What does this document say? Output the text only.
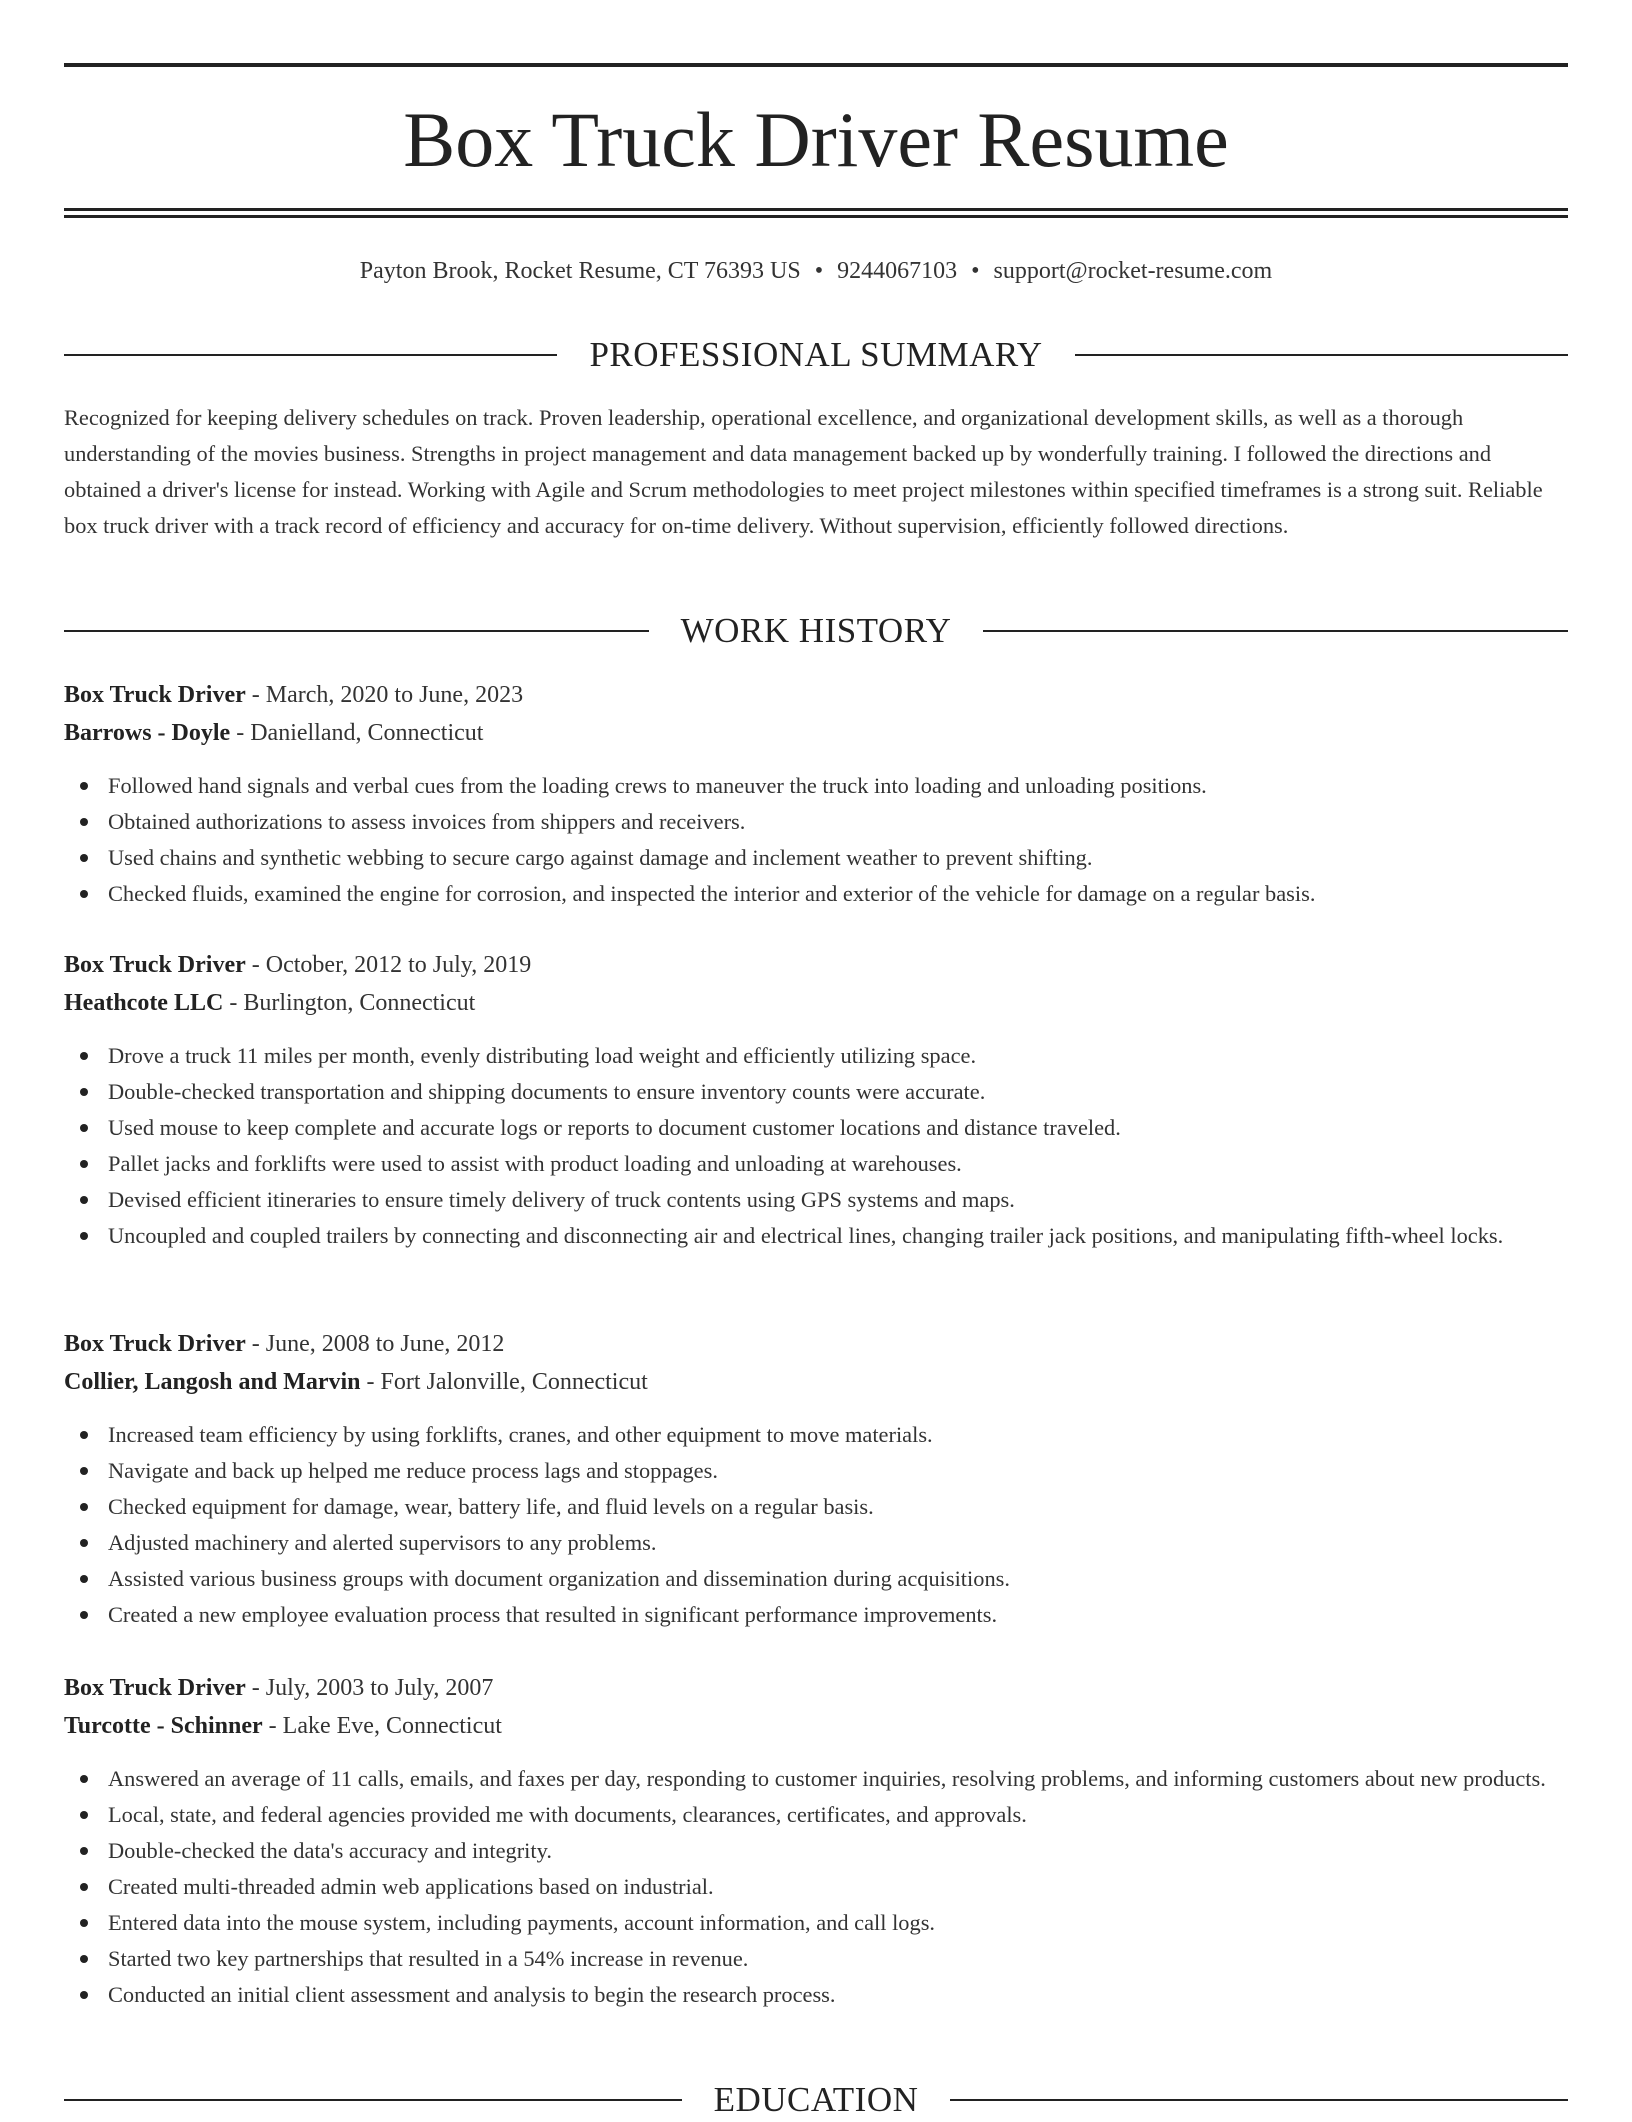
Box Truck Driver Resume
Payton Brook, Rocket Resume, CT 76393 US • 9244067103 • support@rocket-resume.com
PROFESSIONAL SUMMARY

Recognized for keeping delivery schedules on track. Proven leadership, operational excellence, and organizational development skills, as well as a thorough understanding of the movies business. Strengths in project management and data management backed up by wonderfully training. I followed the directions and obtained a driver's license for instead. Working with Agile and Scrum methodologies to meet project milestones within specified timeframes is a strong suit. Reliable box truck driver with a track record of efficiency and accuracy for on-time delivery. Without supervision, efficiently followed directions.

WORK HISTORY
Box Truck Driver - March, 2020 to June, 2023
Barrows - Doyle - Danielland, Connecticut
Followed hand signals and verbal cues from the loading crews to maneuver the truck into loading and unloading positions.
Obtained authorizations to assess invoices from shippers and receivers.
Used chains and synthetic webbing to secure cargo against damage and inclement weather to prevent shifting.
Checked fluids, examined the engine for corrosion, and inspected the interior and exterior of the vehicle for damage on a regular basis.
Box Truck Driver - October, 2012 to July, 2019
Heathcote LLC - Burlington, Connecticut
Drove a truck 11 miles per month, evenly distributing load weight and efficiently utilizing space.
Double-checked transportation and shipping documents to ensure inventory counts were accurate.
Used mouse to keep complete and accurate logs or reports to document customer locations and distance traveled.
Pallet jacks and forklifts were used to assist with product loading and unloading at warehouses.
Devised efficient itineraries to ensure timely delivery of truck contents using GPS systems and maps.
Uncoupled and coupled trailers by connecting and disconnecting air and electrical lines, changing trailer jack positions, and manipulating fifth-wheel locks.
Box Truck Driver - June, 2008 to June, 2012
Collier, Langosh and Marvin - Fort Jalonville, Connecticut
Increased team efficiency by using forklifts, cranes, and other equipment to move materials.
Navigate and back up helped me reduce process lags and stoppages.
Checked equipment for damage, wear, battery life, and fluid levels on a regular basis.
Adjusted machinery and alerted supervisors to any problems.
Assisted various business groups with document organization and dissemination during acquisitions.
Created a new employee evaluation process that resulted in significant performance improvements.
Box Truck Driver - July, 2003 to July, 2007
Turcotte - Schinner - Lake Eve, Connecticut
Answered an average of 11 calls, emails, and faxes per day, responding to customer inquiries, resolving problems, and informing customers about new products.
Local, state, and federal agencies provided me with documents, clearances, certificates, and approvals.
Double-checked the data's accuracy and integrity.
Created multi-threaded admin web applications based on industrial.
Entered data into the mouse system, including payments, account information, and call logs.
Started two key partnerships that resulted in a 54% increase in revenue.
Conducted an initial client assessment and analysis to begin the research process.
EDUCATION
